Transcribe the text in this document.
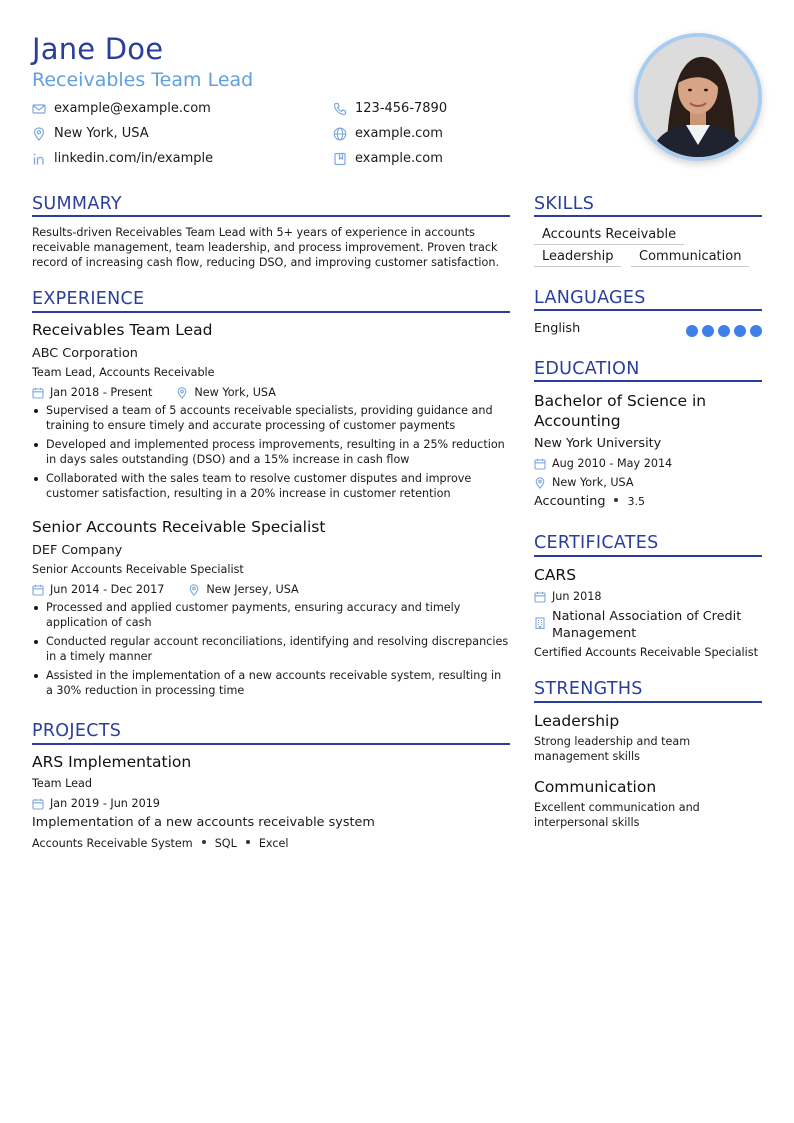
Jane Doe
Receivables Team Lead
example@example.com	123-456-7890
New York, USA	example.com
linkedin.com/in/example	example.com
SUMMARY
Results-driven Receivables Team Lead with 5+ years of experience in accounts receivable management, team leadership, and process improvement. Proven track record of increasing cash flow, reducing DSO, and improving customer satisfaction.
EXPERIENCE
Receivables Team Lead
ABC Corporation
Team Lead, Accounts Receivable
Jan 2018 - Present	New York, USA
Supervised a team of 5 accounts receivable specialists, providing guidance and training to ensure timely and accurate processing of customer payments
Developed and implemented process improvements, resulting in a 25% reduction in days sales outstanding (DSO) and a 15% increase in cash flow
Collaborated with the sales team to resolve customer disputes and improve customer satisfaction, resulting in a 20% increase in customer retention
Senior Accounts Receivable Specialist
DEF Company
Senior Accounts Receivable Specialist
Jun 2014 - Dec 2017	New Jersey, USA
Processed and applied customer payments, ensuring accuracy and timely application of cash
Conducted regular account reconciliations, identifying and resolving discrepancies in a timely manner
Assisted in the implementation of a new accounts receivable system, resulting in a 30% reduction in processing time
PROJECTS
ARS Implementation
Team Lead
Jan 2019 - Jun 2019
Implementation of a new accounts receivable system
Accounts Receivable System SQL Excel
SKILLS
Accounts Receivable
Leadership	Communication
LANGUAGES
English
EDUCATION
Bachelor of Science in Accounting
New York University
Aug 2010 - May 2014
New York, USA
Accounting 3.5
CERTIFICATES
CARS
Jun 2018
National Association of Credit Management
Certified Accounts Receivable Specialist
STRENGTHS
Leadership
Strong leadership and team management skills
Communication
Excellent communication and interpersonal skills
